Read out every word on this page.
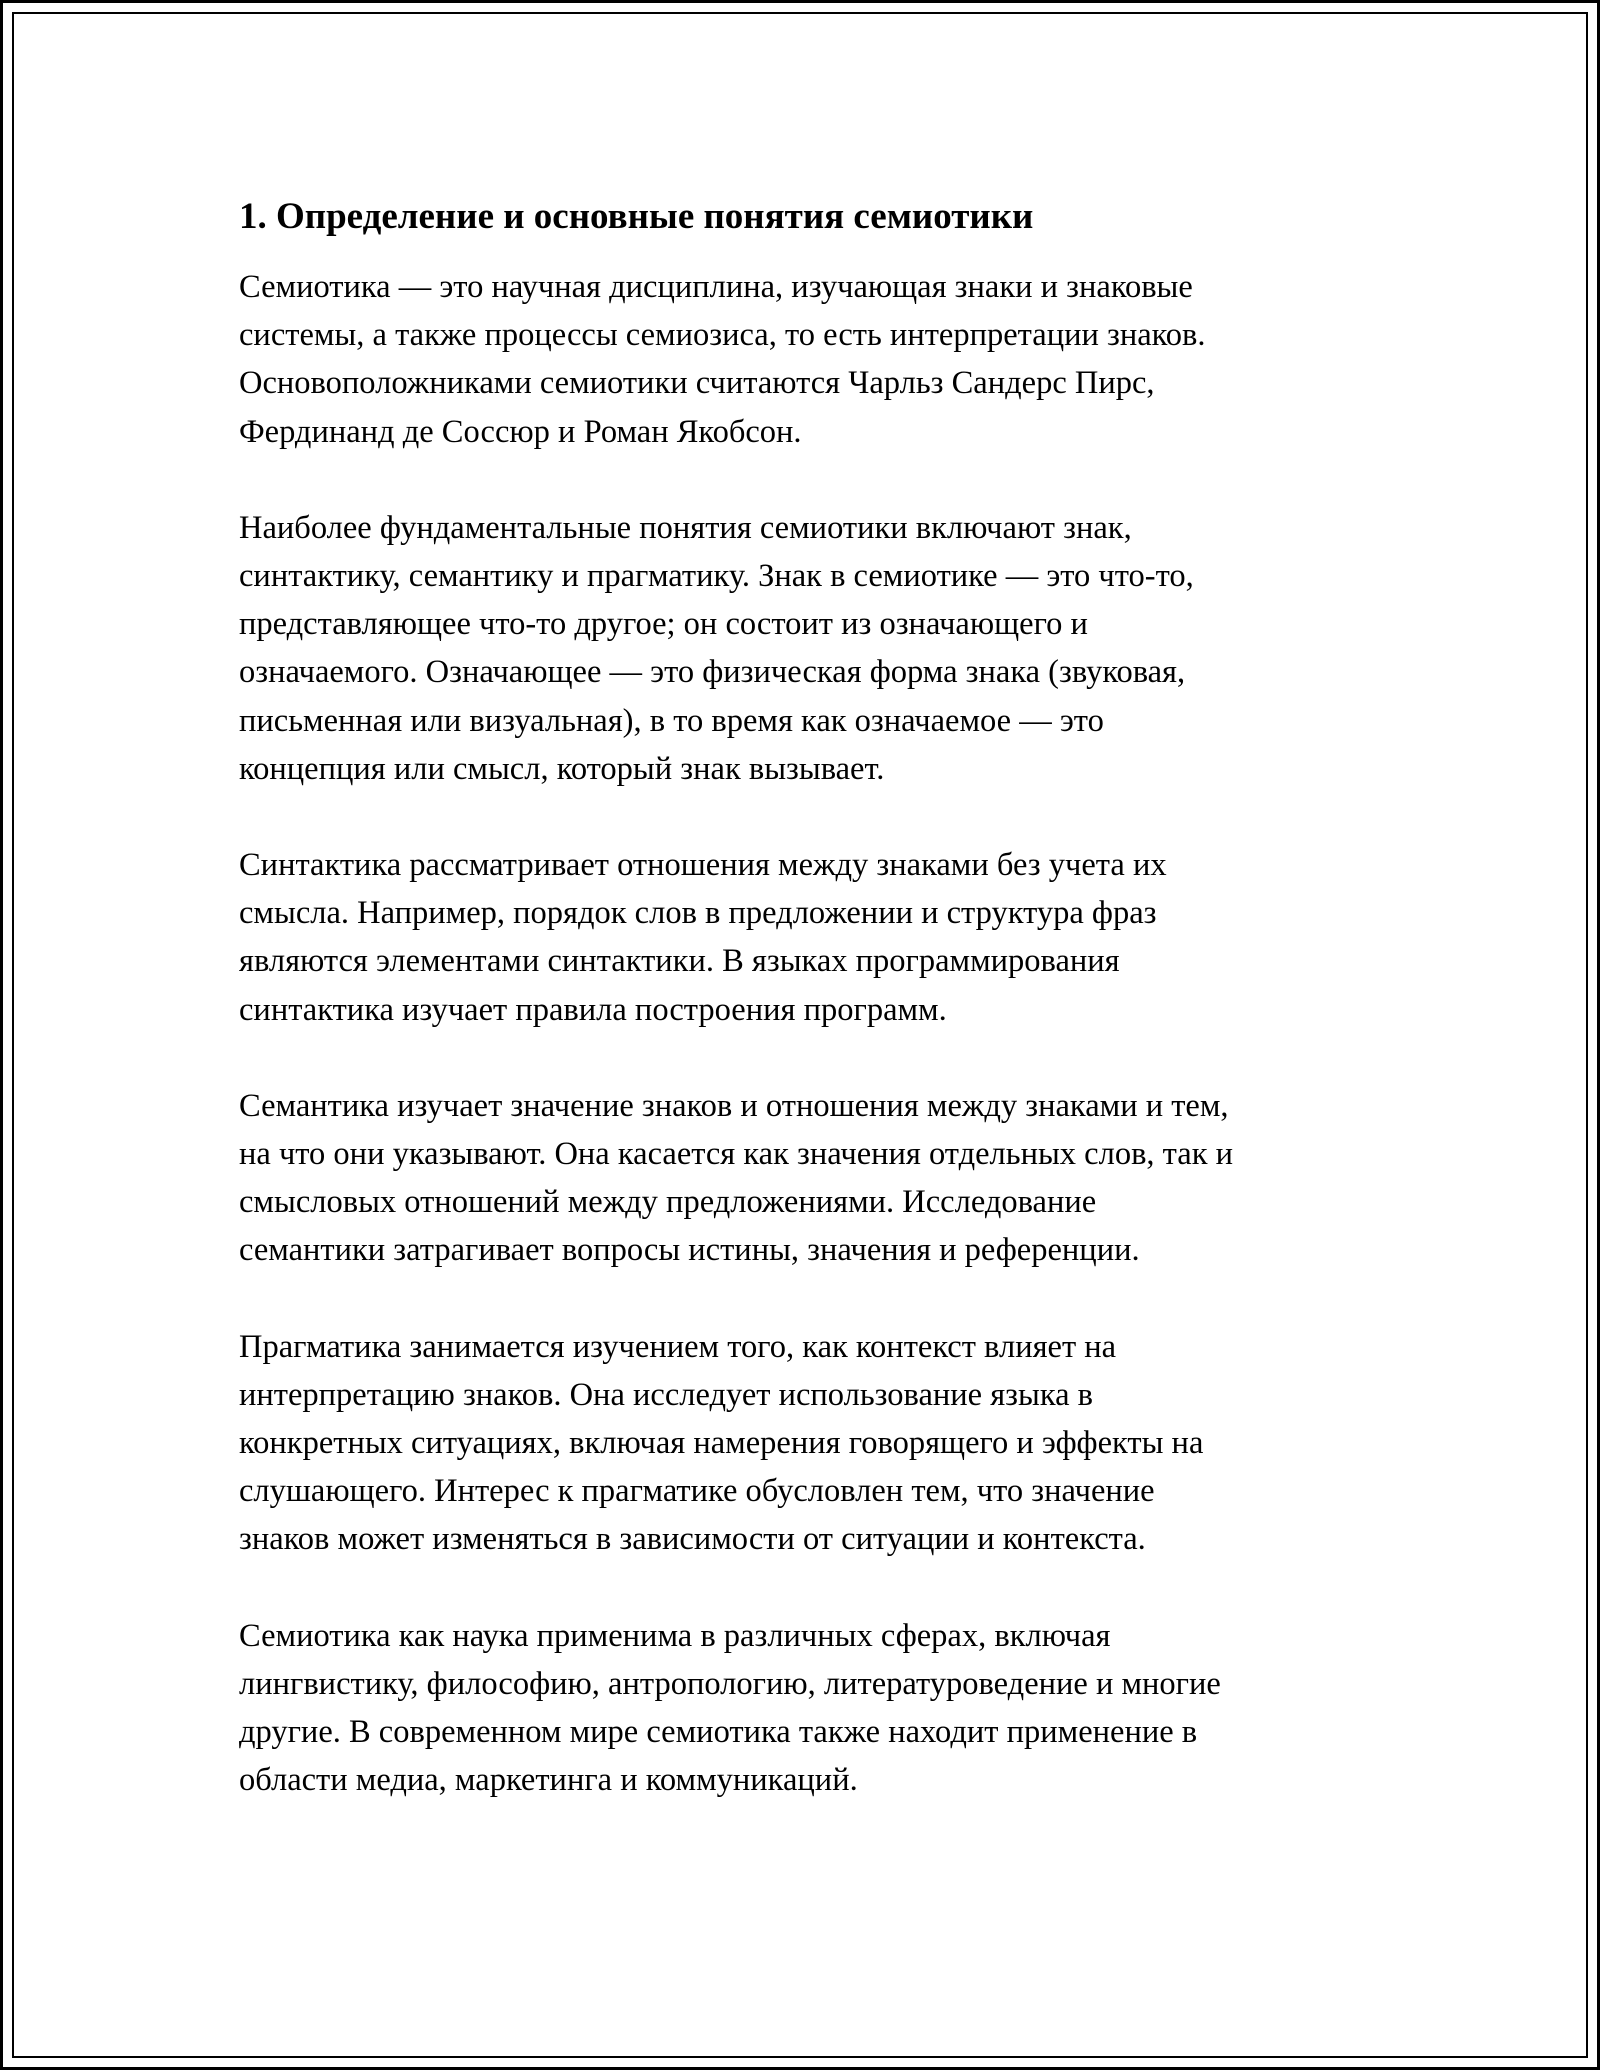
1. Определение и основные понятия семиотики

Семиотика — это научная дисциплина, изучающая знаки и знаковые
системы, а также процессы семиозиса, то есть интерпретации знаков.
Основоположниками семиотики считаются Чарльз Сандерс Пирс,
Фердинанд де Соссюр и Роман Якобсон.

Наиболее фундаментальные понятия семиотики включают знак,
синтактику, семантику и прагматику. Знак в семиотике — это что-то,
представляющее что-то другое; он состоит из означающего и
означаемого. Означающее — это физическая форма знака (звуковая,
письменная или визуальная), в то время как означаемое — это
концепция или смысл, который знак вызывает.

Синтактика рассматривает отношения между знаками без учета их
смысла. Например, порядок слов в предложении и структура фраз
являются элементами синтактики. В языках программирования
синтактика изучает правила построения программ.

Семантика изучает значение знаков и отношения между знаками и тем,
на что они указывают. Она касается как значения отдельных слов, так и
смысловых отношений между предложениями. Исследование
семантики затрагивает вопросы истины, значения и референции.

Прагматика занимается изучением того, как контекст влияет на
интерпретацию знаков. Она исследует использование языка в
конкретных ситуациях, включая намерения говорящего и эффекты на
слушающего. Интерес к прагматике обусловлен тем, что значение
знаков может изменяться в зависимости от ситуации и контекста.

Семиотика как наука применима в различных сферах, включая
лингвистику, философию, антропологию, литературоведение и многие
другие. В современном мире семиотика также находит применение в
области медиа, маркетинга и коммуникаций.
